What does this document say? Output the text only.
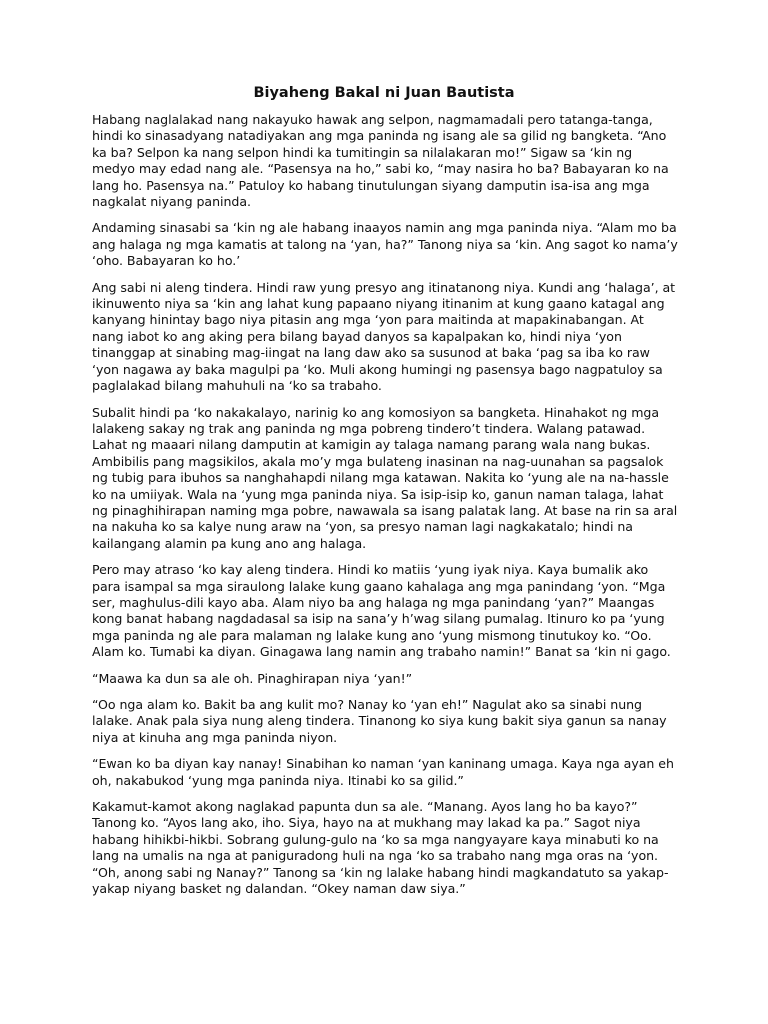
Biyaheng Bakal ni Juan Bautista

Habang naglalakad nang nakayuko hawak ang selpon, nagmamadali pero tatanga-tanga, hindi ko sinasadyang natadiyakan ang mga paninda ng isang ale sa gilid ng bangketa. “Ano ka ba? Selpon ka nang selpon hindi ka tumitingin sa nilalakaran mo!” Sigaw sa ‘kin ng medyo may edad nang ale. “Pasensya na ho,” sabi ko, “may nasira ho ba? Babayaran ko na lang ho. Pasensya na.” Patuloy ko habang tinutulungan siyang damputin isa-isa ang mga nagkalat niyang paninda.

Andaming sinasabi sa ‘kin ng ale habang inaayos namin ang mga paninda niya. “Alam mo ba ang halaga ng mga kamatis at talong na ‘yan, ha?” Tanong niya sa ‘kin. Ang sagot ko nama’y ‘oho. Babayaran ko ho.’

Ang sabi ni aleng tindera. Hindi raw yung presyo ang itinatanong niya. Kundi ang ‘halaga’, at ikinuwento niya sa ‘kin ang lahat kung papaano niyang itinanim at kung gaano katagal ang kanyang hinintay bago niya pitasin ang mga ‘yon para maitinda at mapakinabangan. At nang iabot ko ang aking pera bilang bayad danyos sa kapalpakan ko, hindi niya ‘yon tinanggap at sinabing mag-iingat na lang daw ako sa susunod at baka ‘pag sa iba ko raw ‘yon nagawa ay baka magulpi pa ‘ko. Muli akong humingi ng pasensya bago nagpatuloy sa paglalakad bilang mahuhuli na ‘ko sa trabaho.

Subalit hindi pa ‘ko nakakalayo, narinig ko ang komosiyon sa bangketa. Hinahakot ng mga lalakeng sakay ng trak ang paninda ng mga pobreng tindero’t tindera. Walang patawad. Lahat ng maaari nilang damputin at kamigin ay talaga namang parang wala nang bukas. Ambibilis pang magsikilos, akala mo’y mga bulateng inasinan na nag-uunahan sa pagsalok ng tubig para ibuhos sa nanghahapdi nilang mga katawan. Nakita ko ‘yung ale na na-hassle ko na umiiyak. Wala na ‘yung mga paninda niya. Sa isip-isip ko, ganun naman talaga, lahat ng pinaghihirapan naming mga pobre, nawawala sa isang palatak lang. At base na rin sa aral na nakuha ko sa kalye nung araw na ‘yon, sa presyo naman lagi nagkakatalo; hindi na kailangang alamin pa kung ano ang halaga.

Pero may atraso ‘ko kay aleng tindera. Hindi ko matiis ‘yung iyak niya. Kaya bumalik ako para isampal sa mga siraulong lalake kung gaano kahalaga ang mga panindang ‘yon. “Mga ser, maghulus-dili kayo aba. Alam niyo ba ang halaga ng mga panindang ‘yan?” Maangas kong banat habang nagdadasal sa isip na sana’y h’wag silang pumalag. Itinuro ko pa ‘yung mga paninda ng ale para malaman ng lalake kung ano ‘yung mismong tinutukoy ko. “Oo. Alam ko. Tumabi ka diyan. Ginagawa lang namin ang trabaho namin!” Banat sa ‘kin ni gago.

“Maawa ka dun sa ale oh. Pinaghirapan niya ‘yan!”

“Oo nga alam ko. Bakit ba ang kulit mo? Nanay ko ‘yan eh!” Nagulat ako sa sinabi nung lalake. Anak pala siya nung aleng tindera. Tinanong ko siya kung bakit siya ganun sa nanay niya at kinuha ang mga paninda niyon.

“Ewan ko ba diyan kay nanay! Sinabihan ko naman ‘yan kaninang umaga. Kaya nga ayan eh oh, nakabukod ‘yung mga paninda niya. Itinabi ko sa gilid.”

Kakamut-kamot akong naglakad papunta dun sa ale. “Manang. Ayos lang ho ba kayo?” Tanong ko. “Ayos lang ako, iho. Siya, hayo na at mukhang may lakad ka pa.” Sagot niya habang hihikbi-hikbi. Sobrang gulung-gulo na ‘ko sa mga nangyayare kaya minabuti ko na lang na umalis na nga at paniguradong huli na nga ‘ko sa trabaho nang mga oras na ‘yon. “Oh, anong sabi ng Nanay?” Tanong sa ‘kin ng lalake habang hindi magkandatuto sa yakap-yakap niyang basket ng dalandan. “Okey naman daw siya.”
